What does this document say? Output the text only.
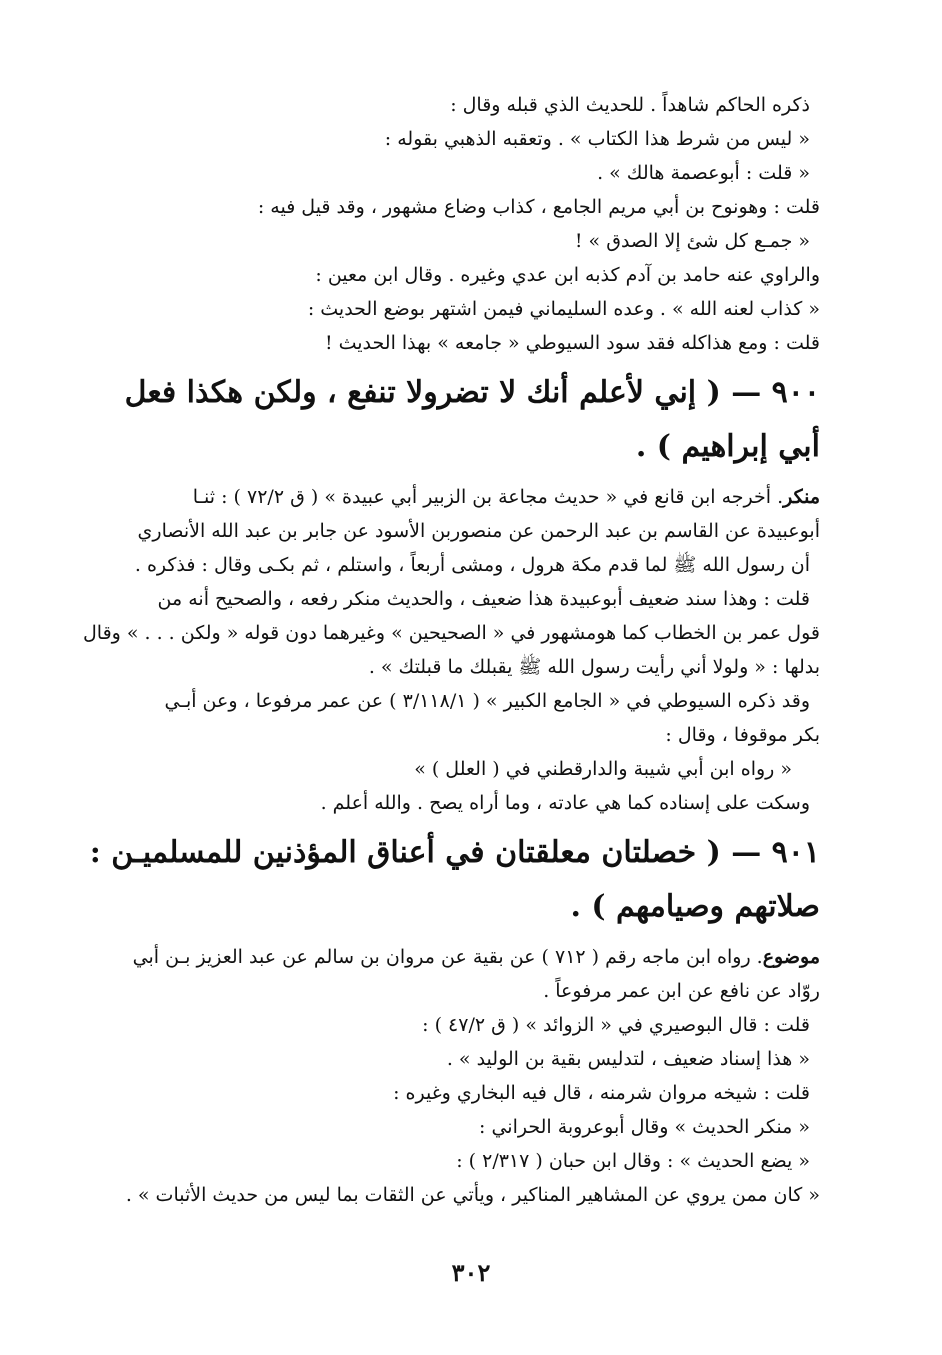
ذكره الحاكم شاهداً . للحديث الذي قبله وقال :
« ليس من شرط هذا الكتاب » . وتعقبه الذهبي بقوله :
« قلت : أبوعصمة هالك » .
قلت : وهونوح بن أبي مريم الجامع ، كذاب وضاع مشهور ، وقد قيل فيه :
« جمـع كل شئ إلا الصدق » !
والراوي عنه حامد بن آدم كذبه ابن عدي وغيره . وقال ابن معين :
« كذاب لعنه الله » . وعده السليماني فيمن اشتهر بوضع الحديث :
قلت : ومع هذاكله فقد سود السيوطي « جامعه » بهذا الحديث !
٩٠٠ — ( إني لأعلم أنك لا تضرولا تنفع ، ولكن هكذا فعل
أبي إبراهيم ) .
منكر. أخرجه ابن قانع في « حديث مجاعة بن الزبير أبي عبيدة » ( ق ٧٢/٢ ) : ثنـا
أبوعبيدة عن القاسم بن عبد الرحمن عن منصوربن الأسود عن جابر بن عبد الله الأنصاري
أن رسول الله ﷺ لما قدم مكة هرول ، ومشى أربعاً ، واستلم ، ثم بكـى وقال : فذكره .
قلت : وهذا سند ضعيف أبوعبيدة هذا ضعيف ، والحديث منكر رفعه ، والصحيح أنه من
قول عمر بن الخطاب كما هومشهور في « الصحيحين » وغيرهما دون قوله « ولكن . . . » وقال
بدلها : « ولولا أني رأيت رسول الله ﷺ يقبلك ما قبلتك » .
وقد ذكره السيوطي في « الجامع الكبير » ( ٣/١١٨/١ ) عن عمر مرفوعا ، وعن أبـي
بكر موقوفا ، وقال :
« رواه ابن أبي شيبة والدارقطني في ( العلل ) »
وسكت على إسناده كما هي عادته ، وما أراه يصح . والله أعلم .
٩٠١ — ( خصلتان معلقتان في أعناق المؤذنين للمسلميـن :
صلاتهم وصيامهم ) .
موضوع. رواه ابن ماجه رقم ( ٧١٢ ) عن بقية عن مروان بن سالم عن عبد العزيز بـن أبي
روّاد عن نافع عن ابن عمر مرفوعاً .
قلت : قال البوصيري في « الزوائد » ( ق ٤٧/٢ ) :
« هذا إسناد ضعيف ، لتدليس بقية بن الوليد » .
قلت : شيخه مروان شرمنه ، قال فيه البخاري وغيره :
« منكر الحديث » وقال أبوعروبة الحراني :
« يضع الحديث » : وقال ابن حبان ( ٢/٣١٧ ) :
« كان ممن يروي عن المشاهير المناكير ، ويأتي عن الثقات بما ليس من حديث الأثبات » .
٣٠٢
